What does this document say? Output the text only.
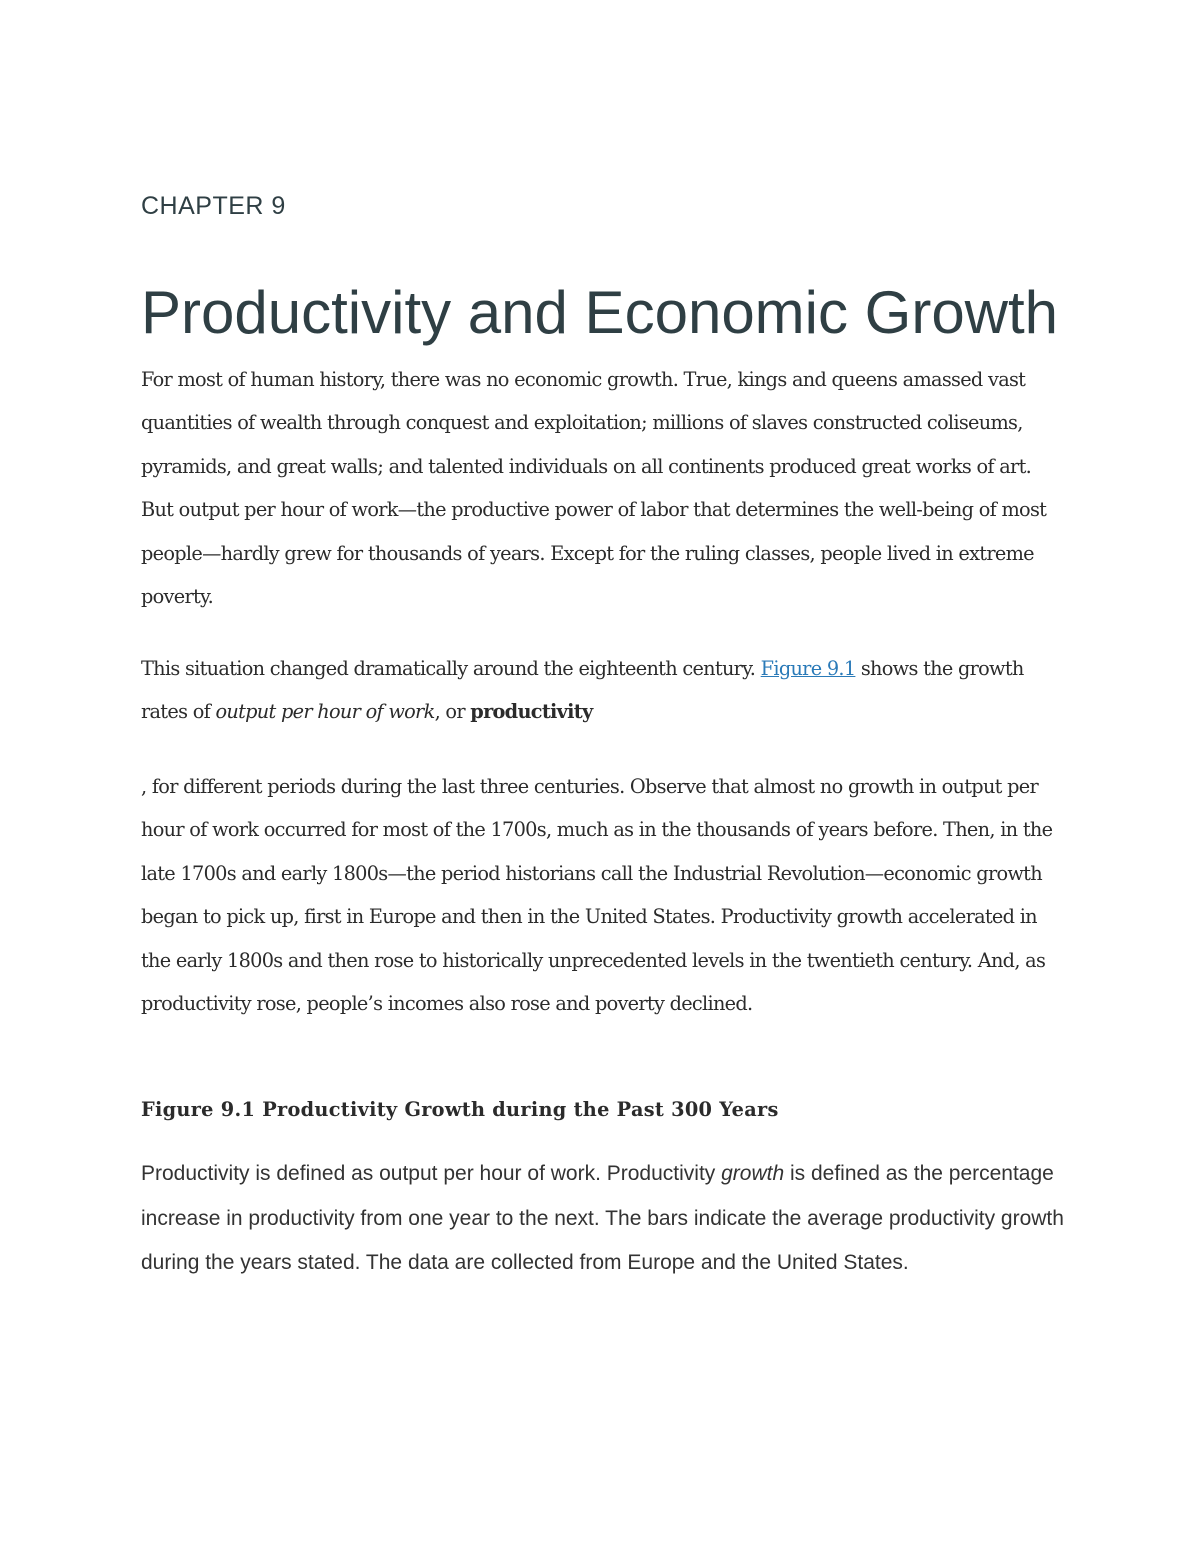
CHAPTER 9
Productivity and Economic Growth

For most of human history, there was no economic growth. True, kings and queens amassed vast quantities of wealth through conquest and exploitation; millions of slaves constructed coliseums, pyramids, and great walls; and talented individuals on all continents produced great works of art. But output per hour of work—the productive power of labor that determines the well-being of most people—hardly grew for thousands of years. Except for the ruling classes, people lived in extreme poverty.

This situation changed dramatically around the eighteenth century. Figure 9.1 shows the growth rates of output per hour of work, or productivity

, for different periods during the last three centuries. Observe that almost no growth in output per hour of work occurred for most of the 1700s, much as in the thousands of years before. Then, in the late 1700s and early 1800s—the period historians call the Industrial Revolution—economic growth began to pick up, first in Europe and then in the United States. Productivity growth accelerated in the early 1800s and then rose to historically unprecedented levels in the twentieth century. And, as productivity rose, people’s incomes also rose and poverty declined.

Figure 9.1 Productivity Growth during the Past 300 Years

Productivity is defined as output per hour of work. Productivity growth is defined as the percentage increase in productivity from one year to the next. The bars indicate the average productivity growth during the years stated. The data are collected from Europe and the United States.
